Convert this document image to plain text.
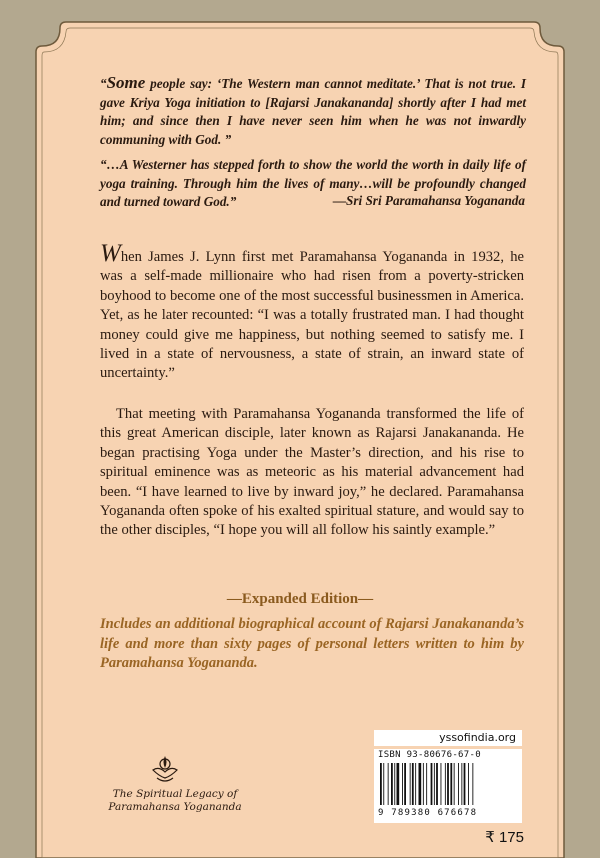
“Some people say: ‘The Western man cannot meditate.’ That is not true. I gave Kriya Yoga initiation to [Rajarsi Janakananda] shortly after I had met him; and since then I have never seen him when he was not inwardly communing with God. ”
“…A Westerner has stepped forth to show the world the worth in daily life of yoga training. Through him the lives of many…will be profoundly changed and turned toward God.”	—Sri Sri Paramahansa Yogananda
When James J. Lynn first met Paramahansa Yogananda in 1932, he was a self-made millionaire who had risen from a poverty-stricken boyhood to become one of the most successful businessmen in America. Yet, as he later recounted: “I was a totally frustrated man. I had thought money could give me happiness, but nothing seemed to satisfy me. I lived in a state of nervousness, a state of strain, an inward state of uncertainty.”
That meeting with Paramahansa Yogananda transformed the life of this great American disciple, later known as Rajarsi Janakananda. He began practising Yoga under the Master’s direction, and his rise to spiritual eminence was as meteoric as his material advancement had been. “I have learned to live by inward joy,” he declared. Paramahansa Yogananda often spoke of his exalted spiritual stature, and would say to the other disciples, “I hope you will all follow his saintly example.”
—Expanded Edition—
Includes an additional biographical account of Rajarsi Janakananda’s life and more than sixty pages of personal letters written to him by Paramahansa Yogananda.
The Spiritual Legacy of
Paramahansa Yogananda
yssofindia.org
ISBN 93-80676-67-0
9 789380 676678
₹ 175
